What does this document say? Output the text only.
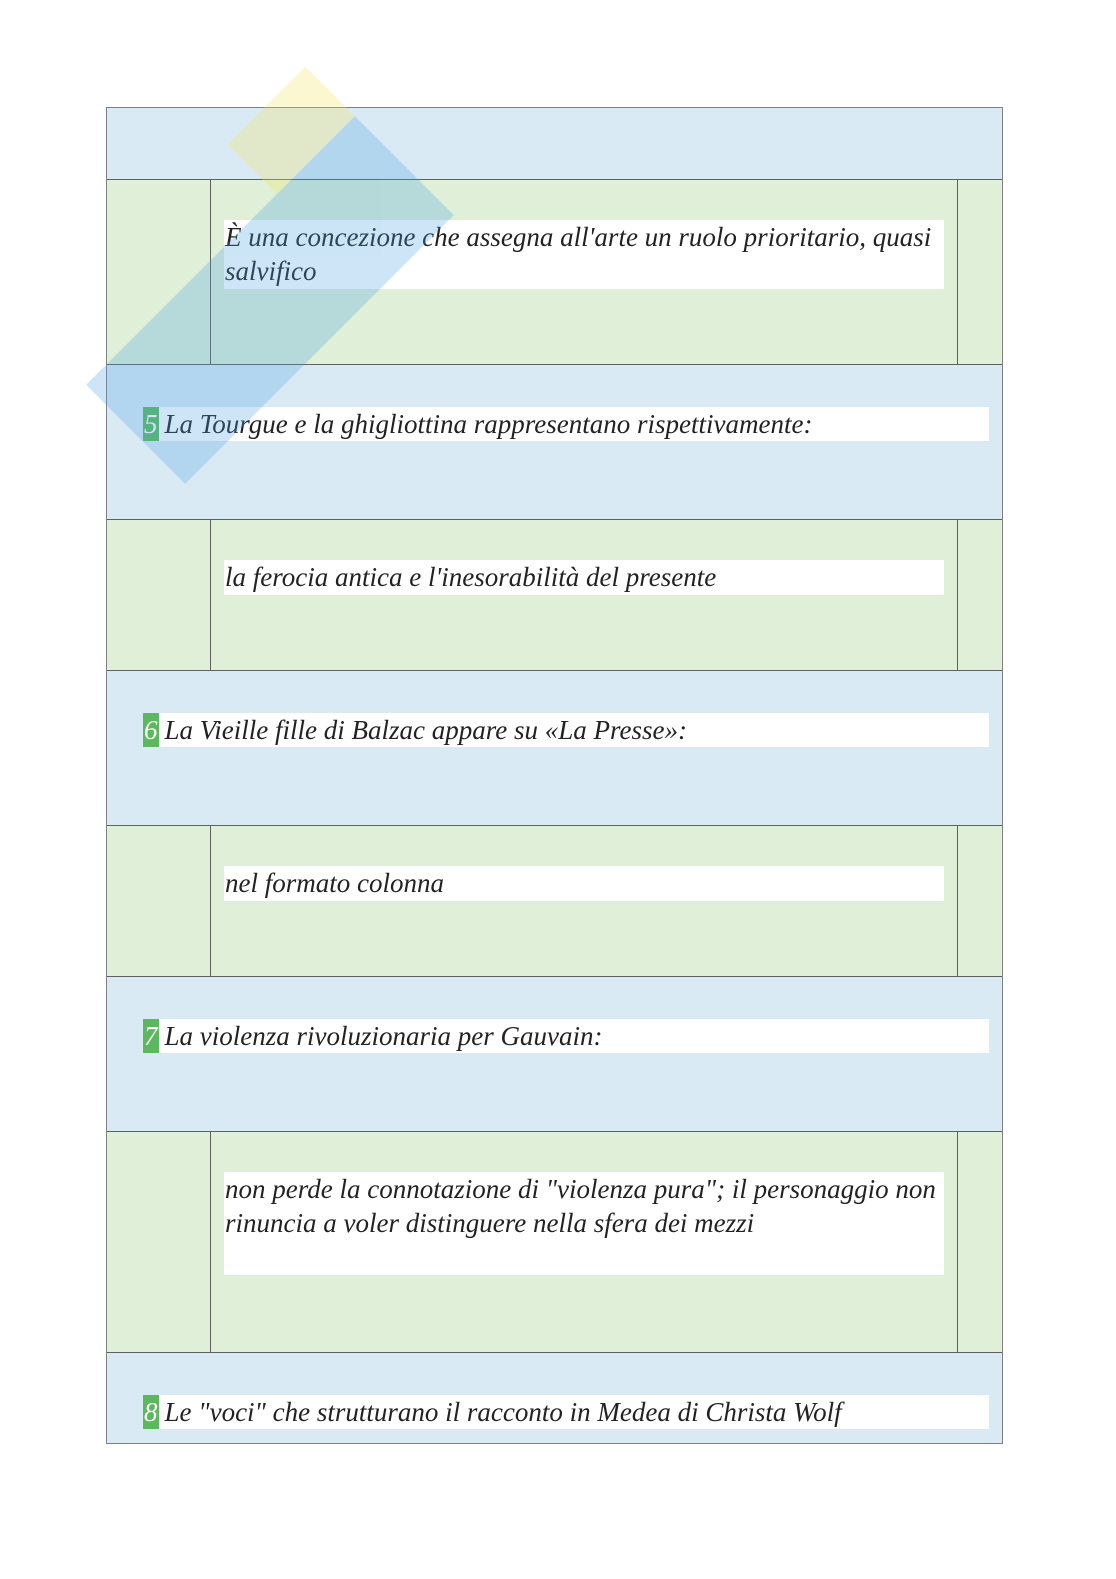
È una concezione che assegna all'arte un ruolo prioritario, quasi salvifico
5 La Tourgue e la ghigliottina rappresentano rispettivamente:
la ferocia antica e l'inesorabilità del presente
6 La Vieille fille di Balzac appare su «La Presse»:
nel formato colonna
7 La violenza rivoluzionaria per Gauvain:
non perde la connotazione di "violenza pura"; il personaggio non rinuncia a voler distinguere nella sfera dei mezzi
8 Le "voci" che strutturano il racconto in Medea di Christa Wolf
